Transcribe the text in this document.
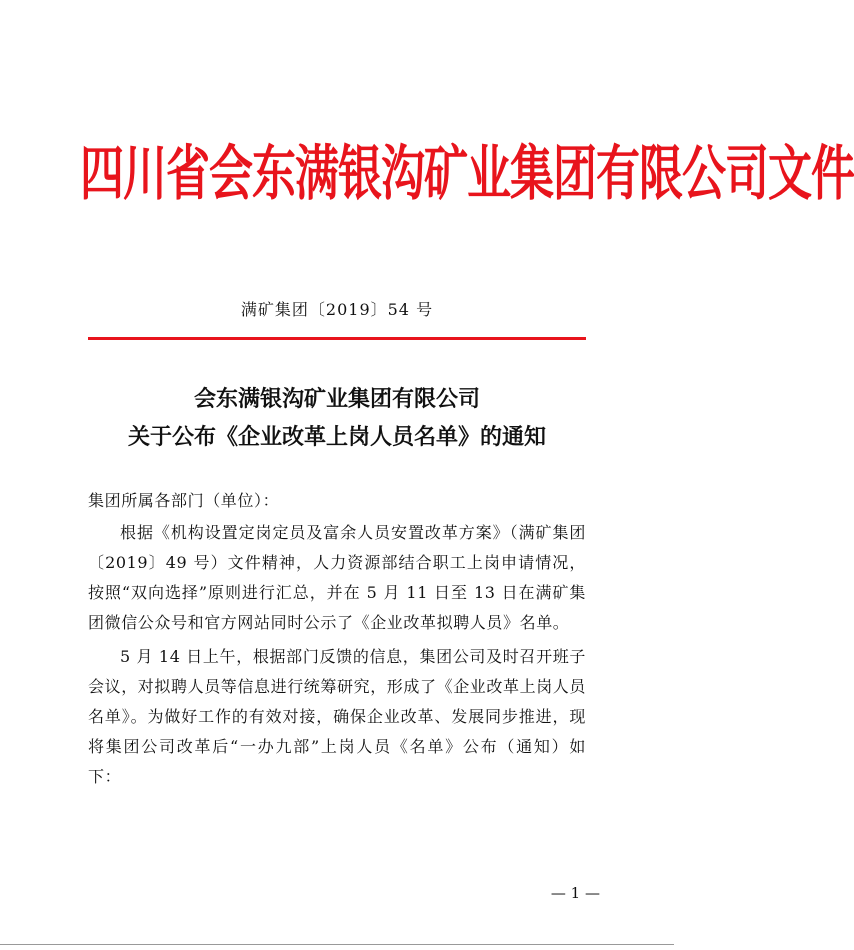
四川省会东满银沟矿业集团有限公司文件
满矿集团〔2019〕54 号
会东满银沟矿业集团有限公司
关于公布《企业改革上岗人员名单》的通知

集团所属各部门（单位）：

根据《机构设置定岗定员及富余人员安置改革方案》（满矿集团〔2019〕49 号）文件精神，人力资源部结合职工上岗申请情况，按照“双向选择”原则进行汇总，并在 5 月 11 日至 13 日在满矿集团微信公众号和官方网站同时公示了《企业改革拟聘人员》名单。

5 月 14 日上午，根据部门反馈的信息，集团公司及时召开班子会议，对拟聘人员等信息进行统筹研究，形成了《企业改革上岗人员名单》。为做好工作的有效对接，确保企业改革、发展同步推进，现将集团公司改革后“一办九部”上岗人员《名单》公布（通知）如下：

— 1 —
